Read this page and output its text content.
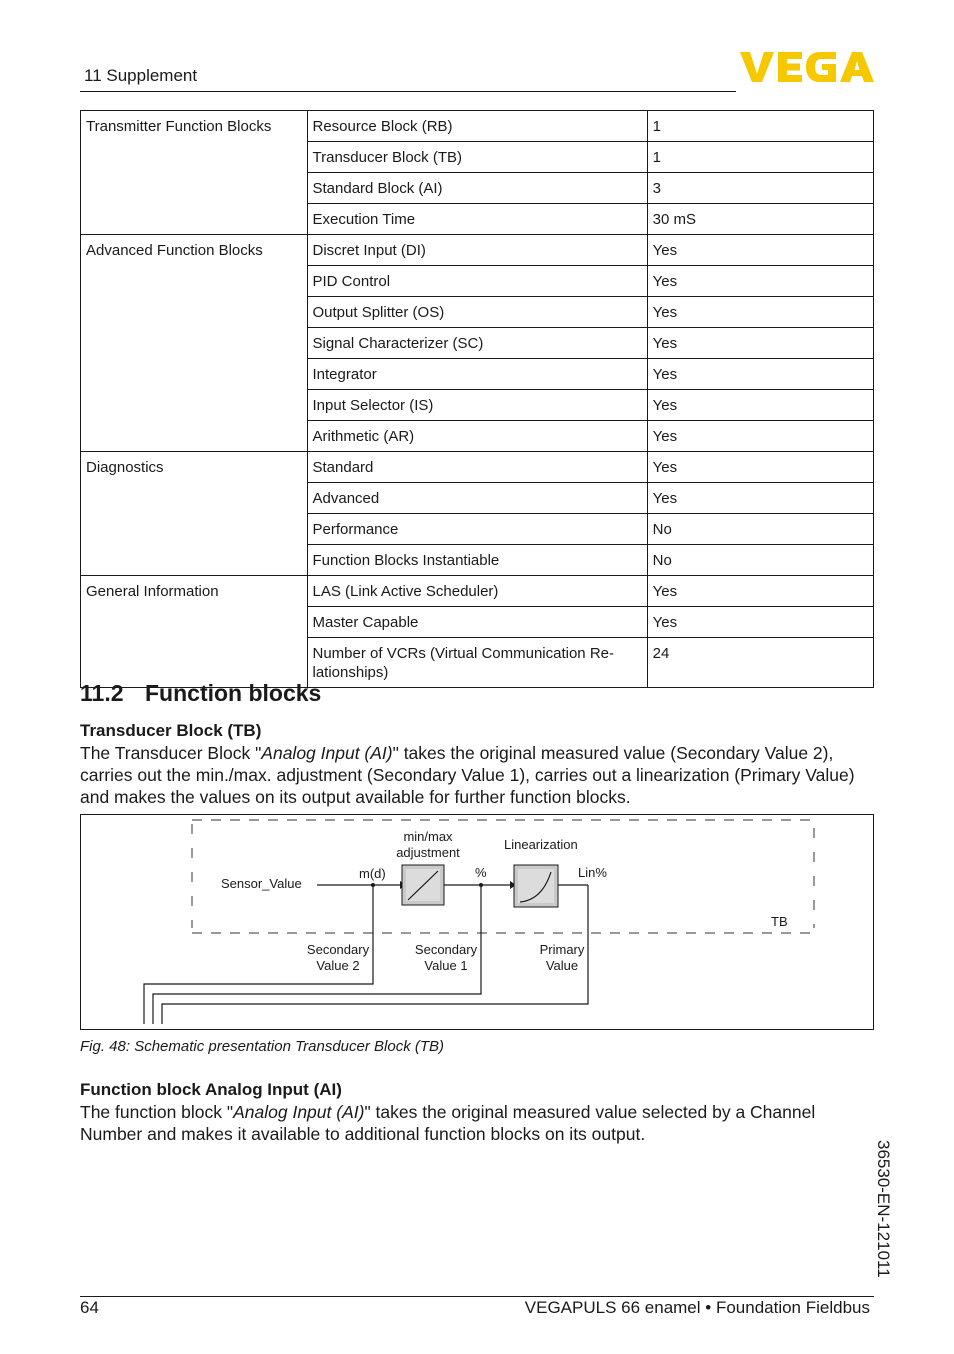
11 Supplement
Transmitter Function Blocks	Resource Block (RB)	1
	Transducer Block (TB)	1
	Standard Block (AI)	3
	Execution Time	30 mS
Advanced Function Blocks	Discret Input (DI)	Yes
	PID Control	Yes
	Output Splitter (OS)	Yes
	Signal Characterizer (SC)	Yes
	Integrator	Yes
	Input Selector (IS)	Yes
	Arithmetic (AR)	Yes
Diagnostics	Standard	Yes
	Advanced	Yes
	Performance	No
	Function Blocks Instantiable	No
General Information	LAS (Link Active Scheduler)	Yes
	Master Capable	Yes
	Number of VCRs (Virtual Communication Re-lationships)	24
11.2 Function blocks
Transducer Block (TB)
The Transducer Block "Analog Input (AI)" takes the original measured value (Secondary Value 2), carries out the min./max. adjustment (Secondary Value 1), carries out a linearization (Primary Value) and makes the values on its output available for further function blocks.
Sensor_Value
m(d)
min/max
adjustment
%
Linearization
Lin%
TB
Secondary
Value 2
Secondary
Value 1
Primary
Value
Fig. 48: Schematic presentation Transducer Block (TB)
Function block Analog Input (AI)
The function block "Analog Input (AI)" takes the original measured value selected by a Channel Number and makes it available to additional function blocks on its output.
36530-EN-121011
64	VEGAPULS 66 enamel • Foundation Fieldbus
